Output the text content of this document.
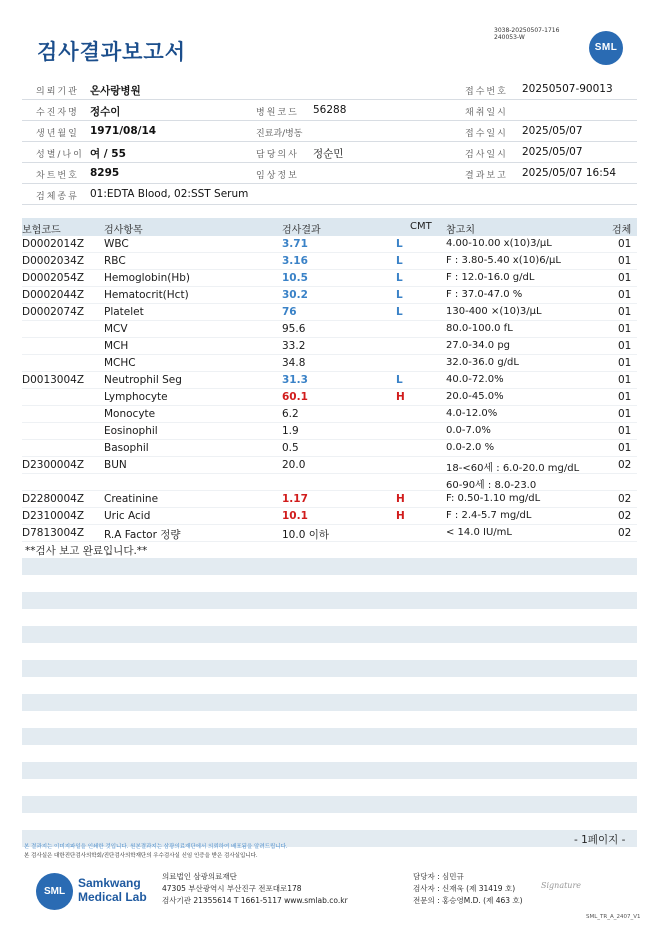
3038-20250507-1716
240053-W
검사결과보고서	SML
의뢰기관 온사랑병원	접수번호 20250507-90013
수진자명 정수이	병원코드 56288	채취일시
생년월일 1971/08/14	진료과/병동	접수일시 2025/05/07
성별/나이 여 / 55	담당의사 정순민	검사일시 2025/05/07
차트번호 8295	임상정보	결과보고 2025/05/07 16:54
검체종류 01:EDTA Blood, 02:SST Serum
보험코드	검사항목	검사결과	CMT 참고치	검체
D0002014Z WBC	3.71	L	4.00-10.00 x(10)3/μL	01
D0002034Z RBC	3.16	L	F : 3.80-5.40 x(10)6/μL	01
D0002054Z Hemoglobin(Hb)	10.5	L	F : 12.0-16.0 g/dL	01
D0002044Z Hematocrit(Hct)	30.2	L	F : 37.0-47.0 %	01
D0002074Z Platelet	76	L	130-400 ×(10)3/μL	01
MCV	95.6	80.0-100.0 fL	01
MCH	33.2	27.0-34.0 pg	01
MCHC	34.8	32.0-36.0 g/dL	01
D0013004Z Neutrophil Seg	31.3	L	40.0-72.0%	01
Lymphocyte	60.1	H	20.0-45.0%	01
Monocyte	6.2	4.0-12.0%	01
Eosinophil	1.9	0.0-7.0%	01
Basophil	0.5	0.0-2.0 %	01
D2300004Z BUN	20.0	18-<60세 : 6.0-20.0 mg/dL	02
60-90세 : 8.0-23.0
D2280004Z Creatinine	1.17	H	F: 0.50-1.10 mg/dL	02
D2310004Z Uric Acid	10.1	H	F : 2.4-5.7 mg/dL	02
D7813004Z R.A Factor 정량	10.0 이하	< 14.0 IU/mL	02
**검사 보고 완료입니다.**
- 1페이지 -
본 결과지는 이미지파일을 인쇄한 것입니다. 원본결과지는 삼광의료재단에서 의뢰하여 배포됨을 알려드립니다.
본 검사실은 대한진단검사의학회/진단검사의학재단의 우수검사실 신임 인증을 받은 검사실입니다.
SML
Samkwang
Medical Lab
의료법인 삼광의료재단
47305 부산광역시 부산진구 전포대로178
검사기관 21355614 T 1661-5117 www.smlab.co.kr
담당자 : 심민규
검사자 : 신재욱 (제 31419 호)
전문의 : 홍승영M.D. (제 463 호)
Signature
SML_TR_A_2407_V1
